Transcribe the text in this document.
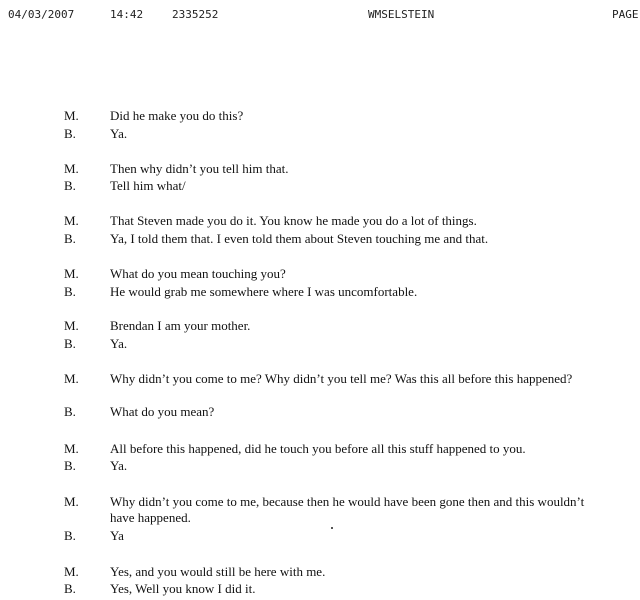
04/03/2007	14:42	2335252	WMSELSTEIN	PAGE
M.	Did he make you do this?
B.	Ya.
M.	Then why didn’t you tell him that.
B.	Tell him what/
M.	That Steven made you do it. You know he made you do a lot of things.
B.	Ya, I told them that. I even told them about Steven touching me and that.
M.	What do you mean touching you?
B.	He would grab me somewhere where I was uncomfortable.
M.	Brendan I am your mother.
B.	Ya.
M.	Why didn’t you come to me? Why didn’t you tell me? Was this all before this happened?
B.	What do you mean?
M.	All before this happened, did he touch you before all this stuff happened to you.
B.	Ya.
M.	Why didn’t you come to me, because then he would have been gone then and this wouldn’t have happened.
B.	Ya
M.	Yes, and you would still be here with me.
B.	Yes, Well you know I did it.
